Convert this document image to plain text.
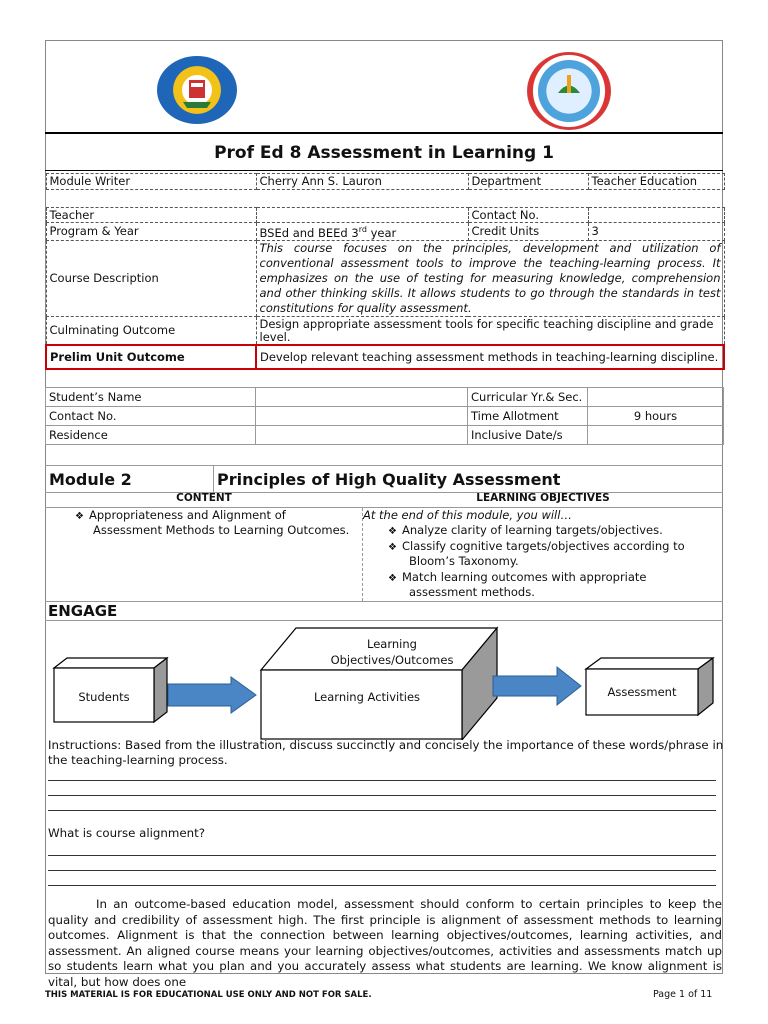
Prof Ed 8 Assessment in Learning 1
Module Writer	Cherry Ann S. Lauron	Department	Teacher Education

Teacher		Contact No.	
Program & Year	BSEd and BEEd 3rd year	Credit Units	3
Course Description	This course focuses on the principles, development and utilization of conventional assessment tools to improve the teaching-learning process. It emphasizes on the use of testing for measuring knowledge, comprehension and other thinking skills. It allows students to go through the standards in test constitutions for quality assessment.		
Culminating Outcome	Design appropriate assessment tools for specific teaching discipline and grade level.		
Prelim Unit Outcome	Develop relevant teaching assessment methods in teaching-learning discipline.		
Student’s Name		Curricular Yr.& Sec.	
Contact No.		Time Allotment	9 hours
Residence		Inclusive Date/s	
Module 2	Principles of High Quality Assessment
CONTENT	LEARNING OBJECTIVES
❖ Appropriateness and Alignment of
Assessment Methods to Learning Outcomes.
At the end of this module, you will…
❖ Analyze clarity of learning targets/objectives.
❖ Classify cognitive targets/objectives according to
Bloom’s Taxonomy.
❖ Match learning outcomes with appropriate
assessment methods.
ENGAGE
Students
Learning
Objectives/Outcomes
Learning Activities	Assessment
Instructions: Based from the illustration, discuss succinctly and concisely the importance of these words/phrase in
the teaching-learning process.
What is course alignment?
In an outcome-based education model, assessment should conform to certain principles to keep the quality and credibility of assessment high. The first principle is alignment of assessment methods to learning outcomes. Alignment is that the connection between learning objectives/outcomes, learning activities, and assessment. An aligned course means your learning objectives/outcomes, activities and assessments match up so students learn what you plan and you accurately assess what students are learning. We know alignment is vital, but how does one
THIS MATERIAL IS FOR EDUCATIONAL USE ONLY AND NOT FOR SALE.	Page 1 of 11
